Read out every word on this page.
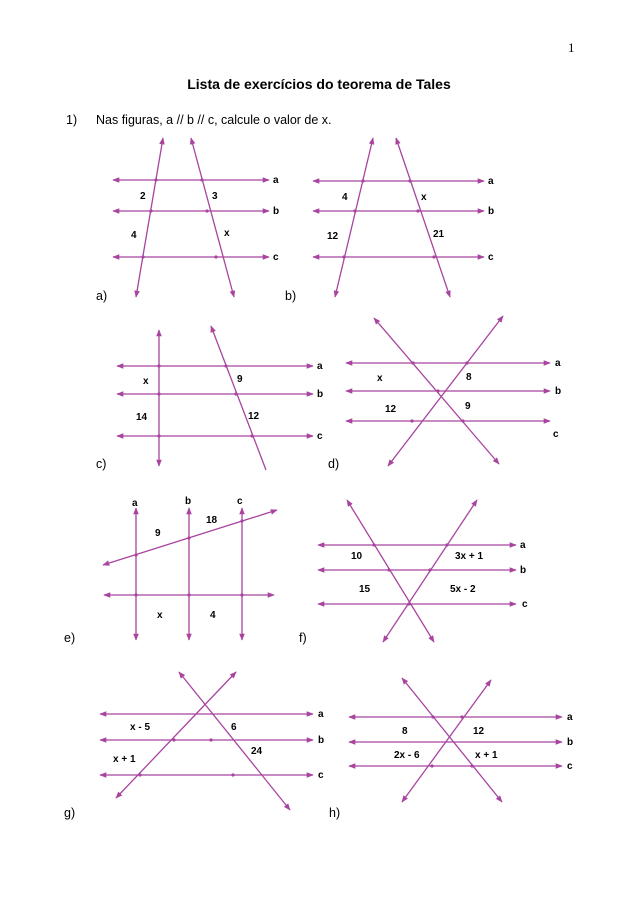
1
Lista de exercícios do teorema de Tales
1) Nas figuras, a // b // c, calcule o valor de x.
a)	b)
c)	d)
e)	f)
g)	h)
a
b
c
2	3
4	x
a
b
c
4	x
12	21
a
b
c
x	9
14	12
a
b
c
x	8
12	9
a	b	c
9
18
x	4
a
b
c
10	3x + 1
15	5x - 2
a
b
c
x - 5	6
x + 1
24
a
b
c
8	12
2x - 6	x + 1
